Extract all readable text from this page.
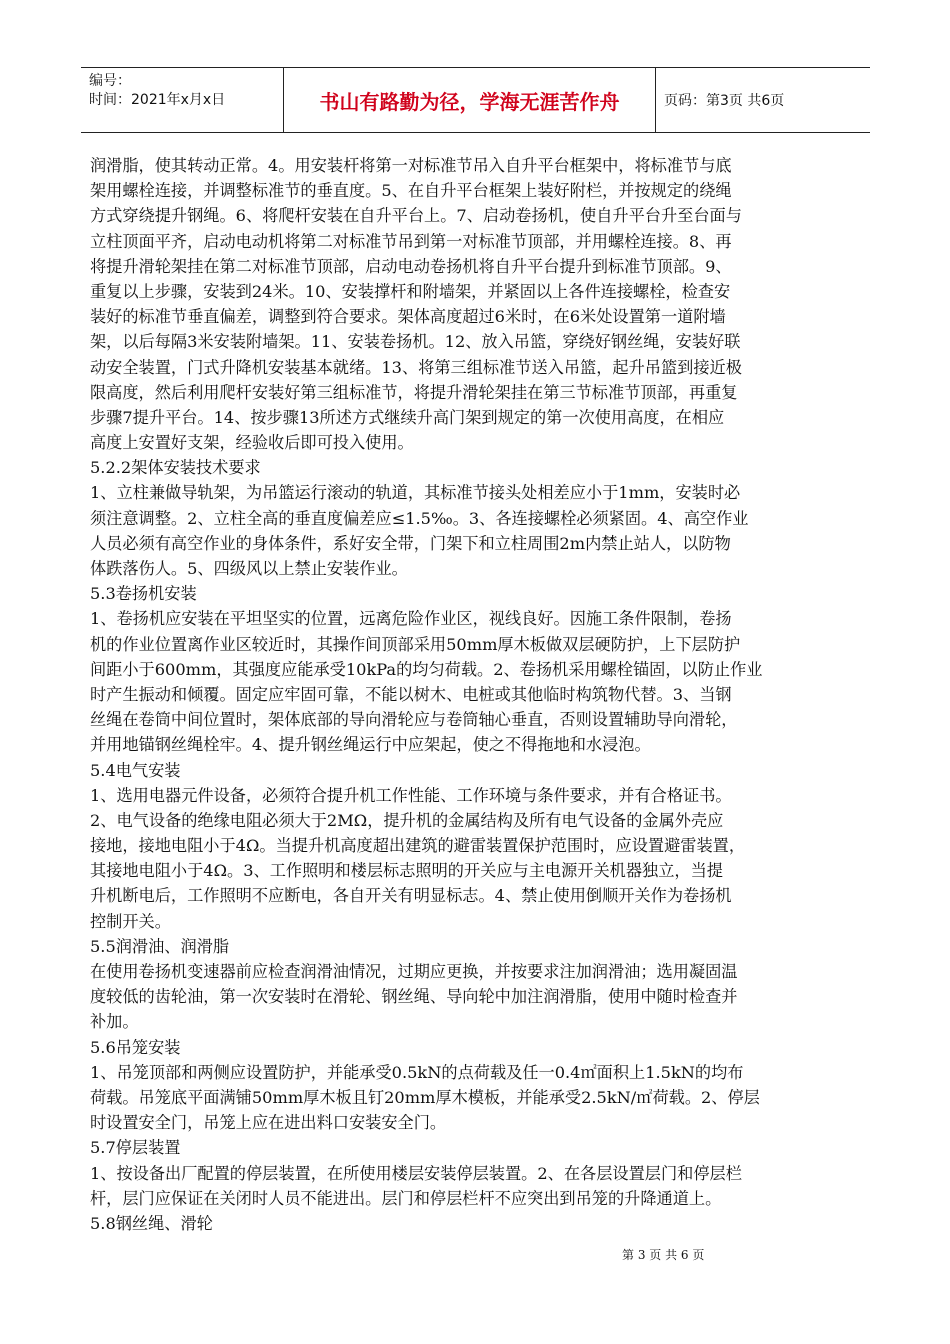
编号：
时间：2021年x月x日	书山有路勤为径，学海无涯苦作舟	页码：第3页 共6页
润滑脂，使其转动正常。4。用安装杆将第一对标准节吊入自升平台框架中，将标准节与底
架用螺栓连接，并调整标准节的垂直度。5、在自升平台框架上装好附栏，并按规定的绕绳
方式穿绕提升钢绳。6、将爬杆安装在自升平台上。7、启动卷扬机，使自升平台升至台面与
立柱顶面平齐，启动电动机将第二对标准节吊到第一对标准节顶部，并用螺栓连接。8、再
将提升滑轮架挂在第二对标准节顶部，启动电动卷扬机将自升平台提升到标准节顶部。9、
重复以上步骤，安装到24米。10、安装撑杆和附墙架，并紧固以上各件连接螺栓，检查安
装好的标准节垂直偏差，调整到符合要求。架体高度超过6米时，在6米处设置第一道附墙
架，以后每隔3米安装附墙架。11、安装卷扬机。12、放入吊篮，穿绕好钢丝绳，安装好联
动安全装置，门式升降机安装基本就绪。13、将第三组标准节送入吊篮，起升吊篮到接近极
限高度，然后利用爬杆安装好第三组标准节，将提升滑轮架挂在第三节标准节顶部，再重复
步骤7提升平台。14、按步骤13所述方式继续升高门架到规定的第一次使用高度，在相应
高度上安置好支架，经验收后即可投入使用。
5.2.2架体安装技术要求
1、立柱兼做导轨架，为吊篮运行滚动的轨道，其标准节接头处相差应小于1mm，安装时必
须注意调整。2、立柱全高的垂直度偏差应≤1.5‰。3、各连接螺栓必须紧固。4、高空作业
人员必须有高空作业的身体条件，系好安全带，门架下和立柱周围2m内禁止站人，以防物
体跌落伤人。5、四级风以上禁止安装作业。
5.3卷扬机安装
1、卷扬机应安装在平坦坚实的位置，远离危险作业区，视线良好。因施工条件限制，卷扬
机的作业位置离作业区较近时，其操作间顶部采用50mm厚木板做双层硬防护，上下层防护
间距小于600mm，其强度应能承受10kPa的均匀荷载。2、卷扬机采用螺栓锚固，以防止作业
时产生振动和倾覆。固定应牢固可靠，不能以树木、电桩或其他临时构筑物代替。3、当钢
丝绳在卷筒中间位置时，架体底部的导向滑轮应与卷筒轴心垂直，否则设置辅助导向滑轮，
并用地锚钢丝绳栓牢。4、提升钢丝绳运行中应架起，使之不得拖地和水浸泡。
5.4电气安装
1、选用电器元件设备，必须符合提升机工作性能、工作环境与条件要求，并有合格证书。
2、电气设备的绝缘电阻必须大于2MΩ，提升机的金属结构及所有电气设备的金属外壳应
接地，接地电阻小于4Ω。当提升机高度超出建筑的避雷装置保护范围时，应设置避雷装置，
其接地电阻小于4Ω。3、工作照明和楼层标志照明的开关应与主电源开关机器独立，当提
升机断电后，工作照明不应断电，各自开关有明显标志。4、禁止使用倒顺开关作为卷扬机
控制开关。
5.5润滑油、润滑脂
在使用卷扬机变速器前应检查润滑油情况，过期应更换，并按要求注加润滑油；选用凝固温
度较低的齿轮油，第一次安装时在滑轮、钢丝绳、导向轮中加注润滑脂，使用中随时检查并
补加。
5.6吊笼安装
1、吊笼顶部和两侧应设置防护，并能承受0.5kN的点荷载及任一0.4㎡面积上1.5kN的均布
荷载。吊笼底平面满铺50mm厚木板且钉20mm厚木模板，并能承受2.5kN/㎡荷载。2、停层
时设置安全门，吊笼上应在进出料口安装安全门。
5.7停层装置
1、按设备出厂配置的停层装置，在所使用楼层安装停层装置。2、在各层设置层门和停层栏
杆，层门应保证在关闭时人员不能进出。层门和停层栏杆不应突出到吊笼的升降通道上。
5.8钢丝绳、滑轮
第 3 页 共 6 页
